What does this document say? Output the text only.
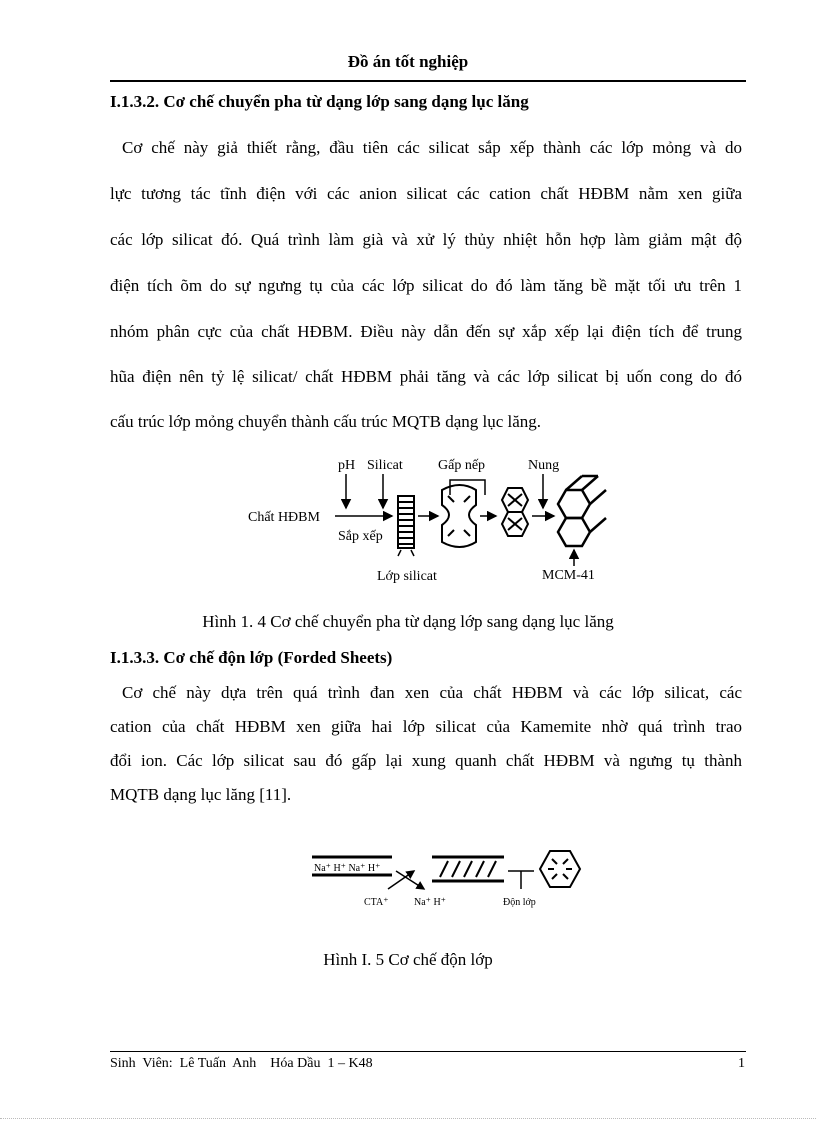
Đồ án tốt nghiệp
I.1.3.2. Cơ chế chuyển pha từ dạng lớp sang dạng lục lăng
Cơ chế này giả thiết rằng, đầu tiên các silicat sắp xếp thành các lớp mỏng và do
lực tương tác tĩnh điện với các anion silicat các cation chất HĐBM nằm xen giữa
các lớp silicat đó. Quá trình làm già và xử lý thủy nhiệt hỗn hợp làm giảm mật độ
điện tích õm do sự ngưng tụ của các lớp silicat do đó làm tăng bề mặt tối ưu trên 1
nhóm phân cực của chất HĐBM. Điều này dẫn đến sự xắp xếp lại điện tích để trung
hũa điện nên tỷ lệ silicat/ chất HĐBM phải tăng và các lớp silicat bị uốn cong do đó
cấu trúc lớp mỏng chuyển thành cấu trúc MQTB dạng lục lăng.
pH Silicat	Gấp nếp	Nung
Chất HĐBM
Sắp xếp
Lớp silicat	MCM-41
Hình 1. 4 Cơ chế chuyển pha từ dạng lớp sang dạng lục lăng
I.1.3.3. Cơ chế độn lớp (Forded Sheets)
Cơ chế này dựa trên quá trình đan xen của chất HĐBM và các lớp silicat, các
cation của chất HĐBM xen giữa hai lớp silicat của Kamemite nhờ quá trình trao
đổi ion. Các lớp silicat sau đó gấp lại xung quanh chất HĐBM và ngưng tụ thành
MQTB dạng lục lăng [11].
Na⁺ H⁺ Na⁺ H⁺
CTA⁺	Na⁺ H⁺	Độn lớp
Hình I. 5 Cơ chế độn lớp
Sinh  Viên:  Lê Tuấn  Anh    Hóa Dầu  1 – K48	1
